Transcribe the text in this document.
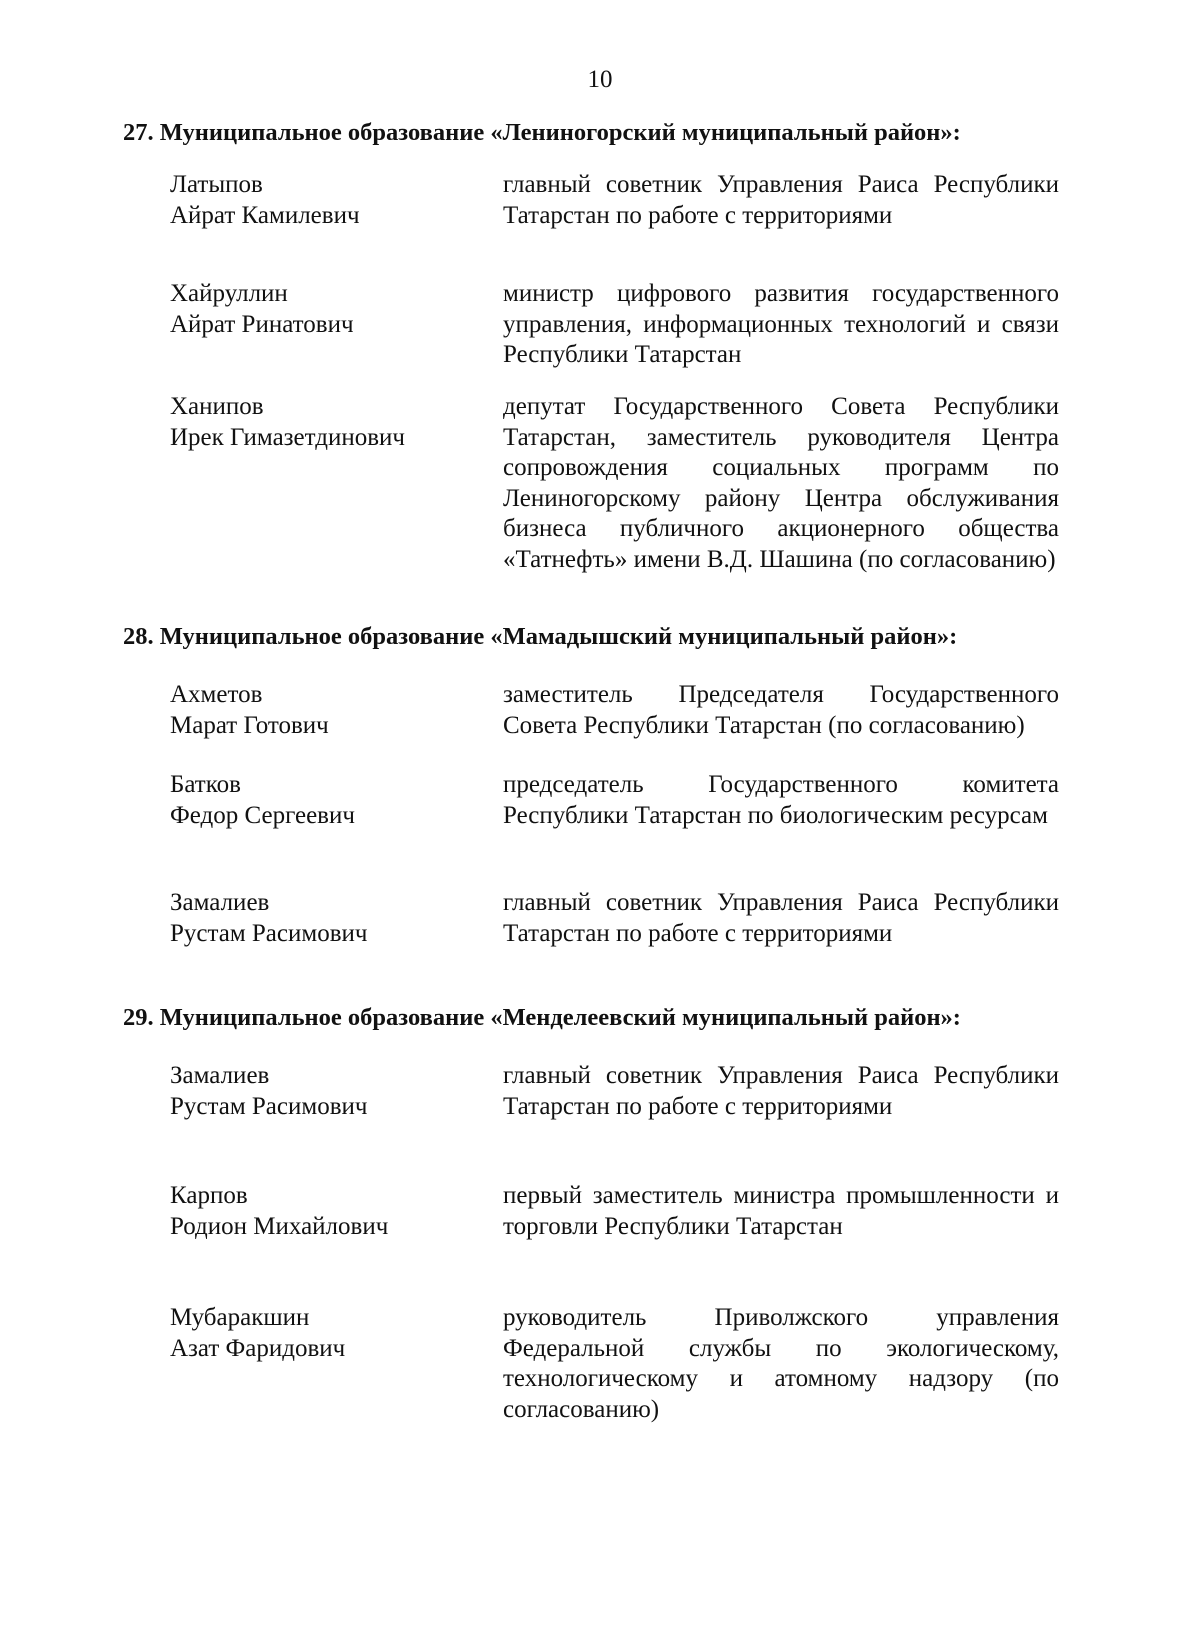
10
27. Муниципальное образование «Лениногорский муниципальный район»:
Латыпов
Айрат Камилевич
главный советник Управления Раиса Республики Татарстан по работе с территориями
Хайруллин
Айрат Ринатович
министр цифрового развития государственного управления, информационных технологий и связи Республики Татарстан
Ханипов
Ирек Гимазетдинович
депутат Государственного Совета Республики Татарстан, заместитель руководителя Центра сопровождения социальных программ по Лениногорскому району Центра обслуживания бизнеса публичного акционерного общества «Татнефть» имени В.Д. Шашина (по согласованию)
28. Муниципальное образование «Мамадышский муниципальный район»:
Ахметов
Марат Готович
заместитель Председателя Государственного Совета Республики Татарстан (по согласованию)
Батков
Федор Сергеевич
председатель Государственного комитета Республики Татарстан по биологическим ресурсам
Замалиев
Рустам Расимович
главный советник Управления Раиса Республики Татарстан по работе с территориями
29. Муниципальное образование «Менделеевский муниципальный район»:
Замалиев
Рустам Расимович
главный советник Управления Раиса Республики Татарстан по работе с территориями
Карпов
Родион Михайлович
первый заместитель министра промышленности и торговли Республики Татарстан
Мубаракшин
Азат Фаридович
руководитель Приволжского управления Федеральной службы по экологическому, технологическому и атомному надзору (по согласованию)
